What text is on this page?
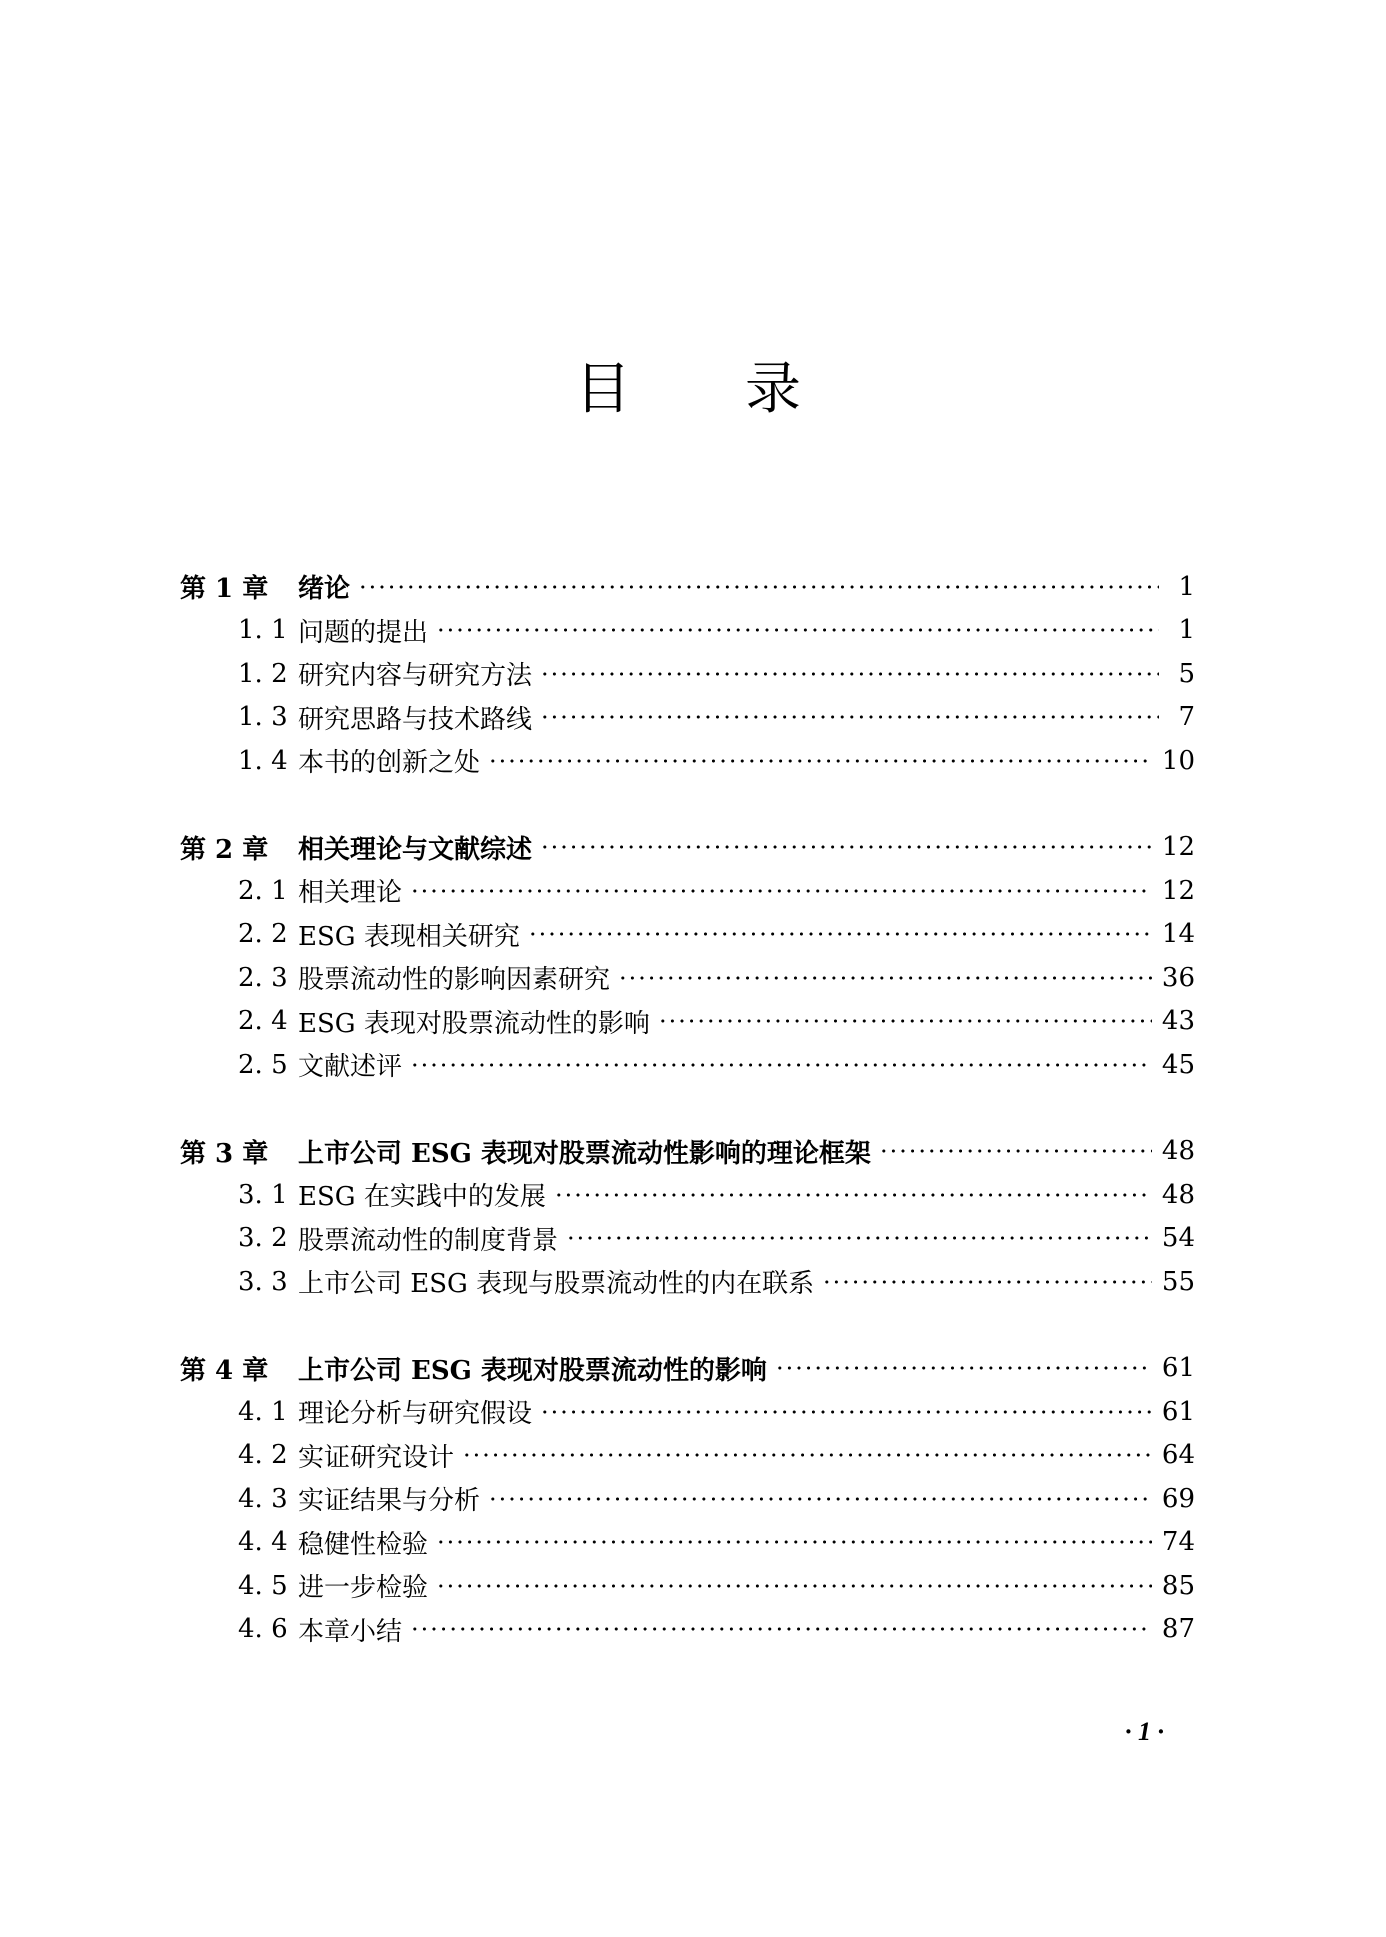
目 录
第 1 章	绪论	1
1. 1 问题的提出	1
1. 2 研究内容与研究方法	5
1. 3 研究思路与技术路线	7
1. 4 本书的创新之处	10
第 2 章	相关理论与文献综述	12
2. 1 相关理论	12
2. 2 ESG 表现相关研究	14
2. 3 股票流动性的影响因素研究	36
2. 4 ESG 表现对股票流动性的影响	43
2. 5 文献述评	45
第 3 章	上市公司 ESG 表现对股票流动性影响的理论框架	48
3. 1 ESG 在实践中的发展	48
3. 2 股票流动性的制度背景	54
3. 3 上市公司 ESG 表现与股票流动性的内在联系	55
第 4 章	上市公司 ESG 表现对股票流动性的影响	61
4. 1 理论分析与研究假设	61
4. 2 实证研究设计	64
4. 3 实证结果与分析	69
4. 4 稳健性检验	74
4. 5 进一步检验	85
4. 6 本章小结	87
· 1 ·
